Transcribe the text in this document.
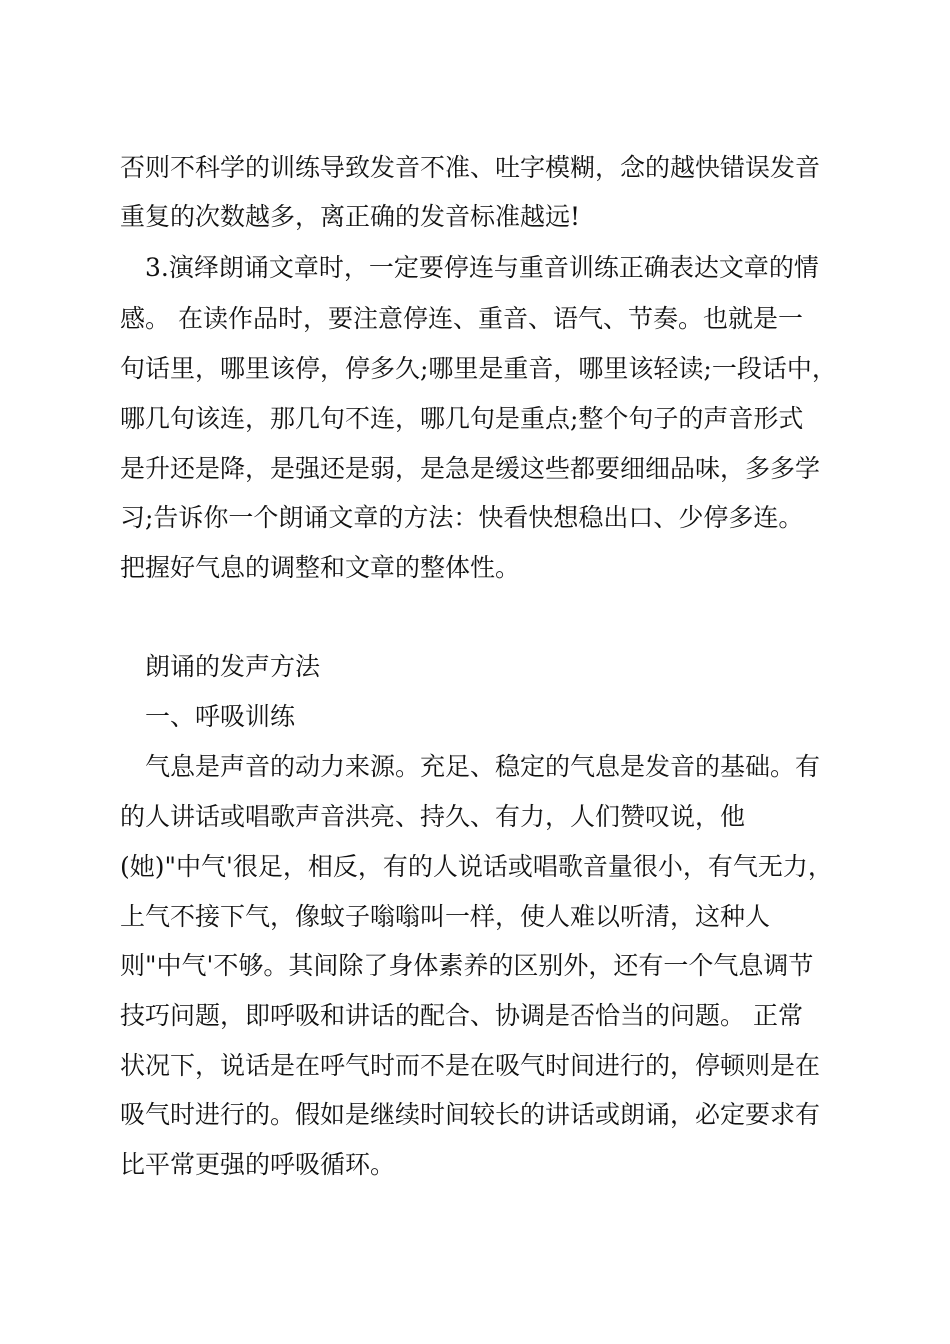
否则不科学的训练导致发音不准、吐字模糊，念的越快错误发音
重复的次数越多，离正确的发音标准越远!
3.演绎朗诵文章时，一定要停连与重音训练正确表达文章的情
感。 在读作品时，要注意停连、重音、语气、节奏。也就是一
句话里，哪里该停，停多久;哪里是重音，哪里该轻读;一段话中，
哪几句该连，那几句不连，哪几句是重点;整个句子的声音形式
是升还是降，是强还是弱，是急是缓这些都要细细品味，多多学
习;告诉你一个朗诵文章的方法：快看快想稳出口、少停多连。
把握好气息的调整和文章的整体性。
朗诵的发声方法
一、呼吸训练
气息是声音的动力来源。充足、稳定的气息是发音的基础。有
的人讲话或唱歌声音洪亮、持久、有力，人们赞叹说，他
(她)"中气'很足，相反，有的人说话或唱歌音量很小，有气无力，
上气不接下气，像蚊子嗡嗡叫一样，使人难以听清，这种人
则"中气'不够。其间除了身体素养的区别外，还有一个气息调节
技巧问题，即呼吸和讲话的配合、协调是否恰当的问题。 正常
状况下，说话是在呼气时而不是在吸气时间进行的，停顿则是在
吸气时进行的。假如是继续时间较长的讲话或朗诵，必定要求有
比平常更强的呼吸循环。
